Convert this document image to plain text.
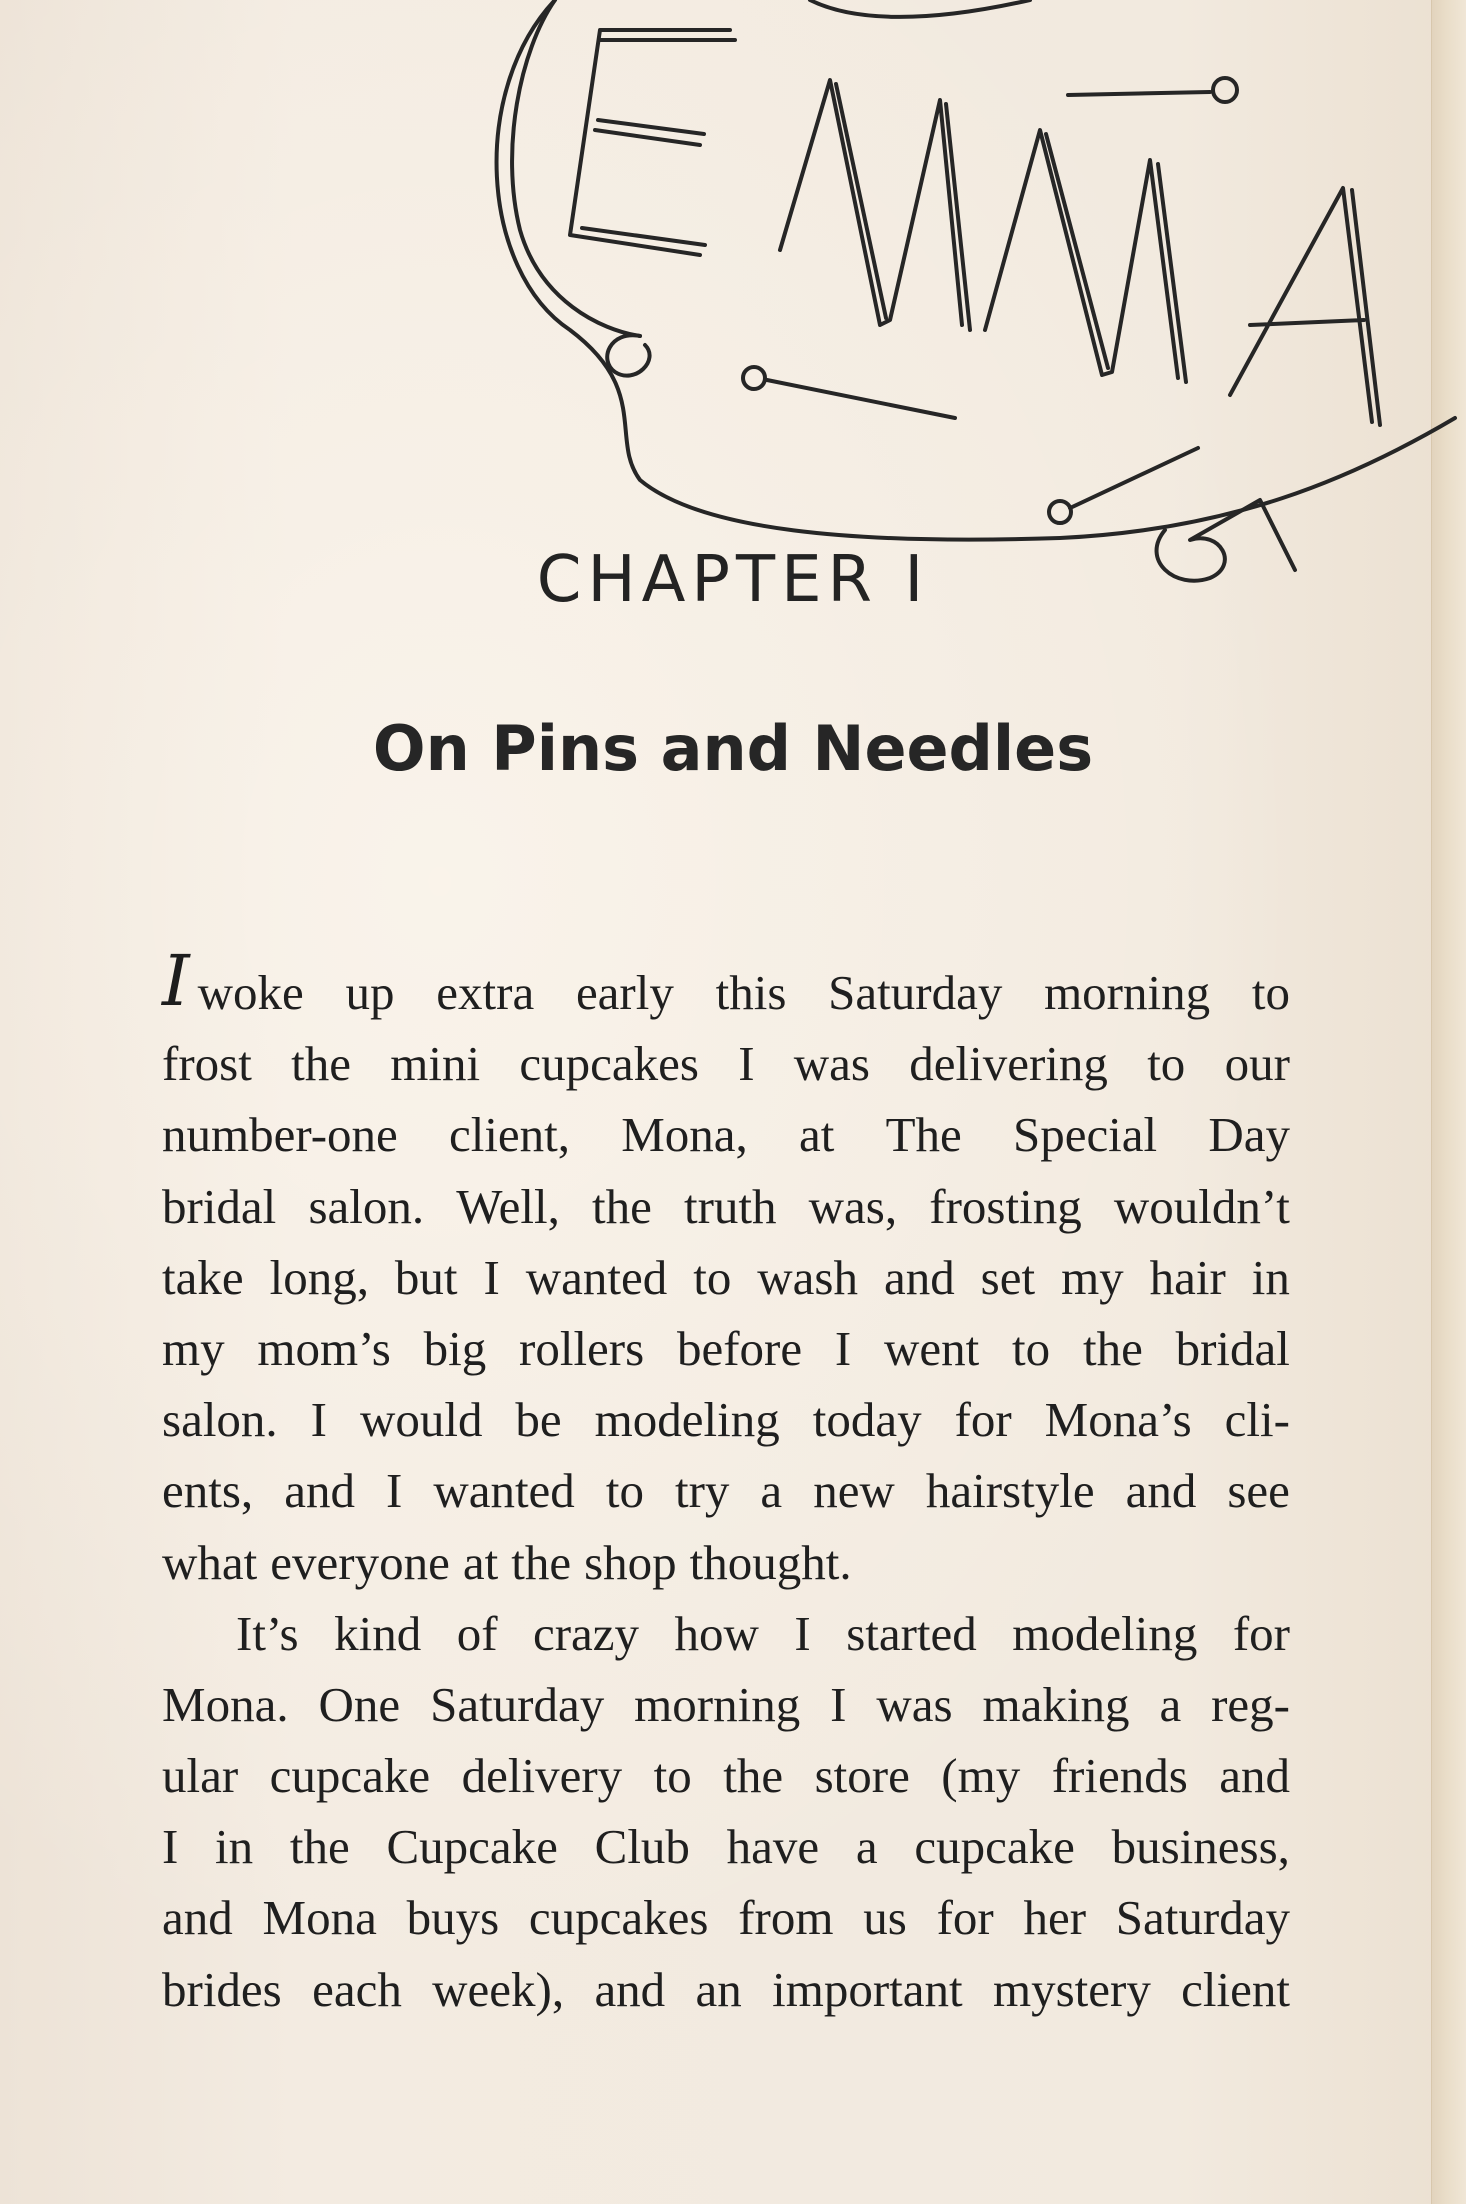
CHAPTER I
On Pins and Needles
I woke up extra early this Saturday morning to
frost the mini cupcakes I was delivering to our
number-one client, Mona, at The Special Day
bridal salon. Well, the truth was, frosting wouldn’t
take long, but I wanted to wash and set my hair in
my mom’s big rollers before I went to the bridal
salon. I would be modeling today for Mona’s cli-
ents, and I wanted to try a new hairstyle and see
what everyone at the shop thought.
It’s kind of crazy how I started modeling for
Mona. One Saturday morning I was making a reg-
ular cupcake delivery to the store (my friends and
I in the Cupcake Club have a cupcake business,
and Mona buys cupcakes from us for her Saturday
brides each week), and an important mystery client
